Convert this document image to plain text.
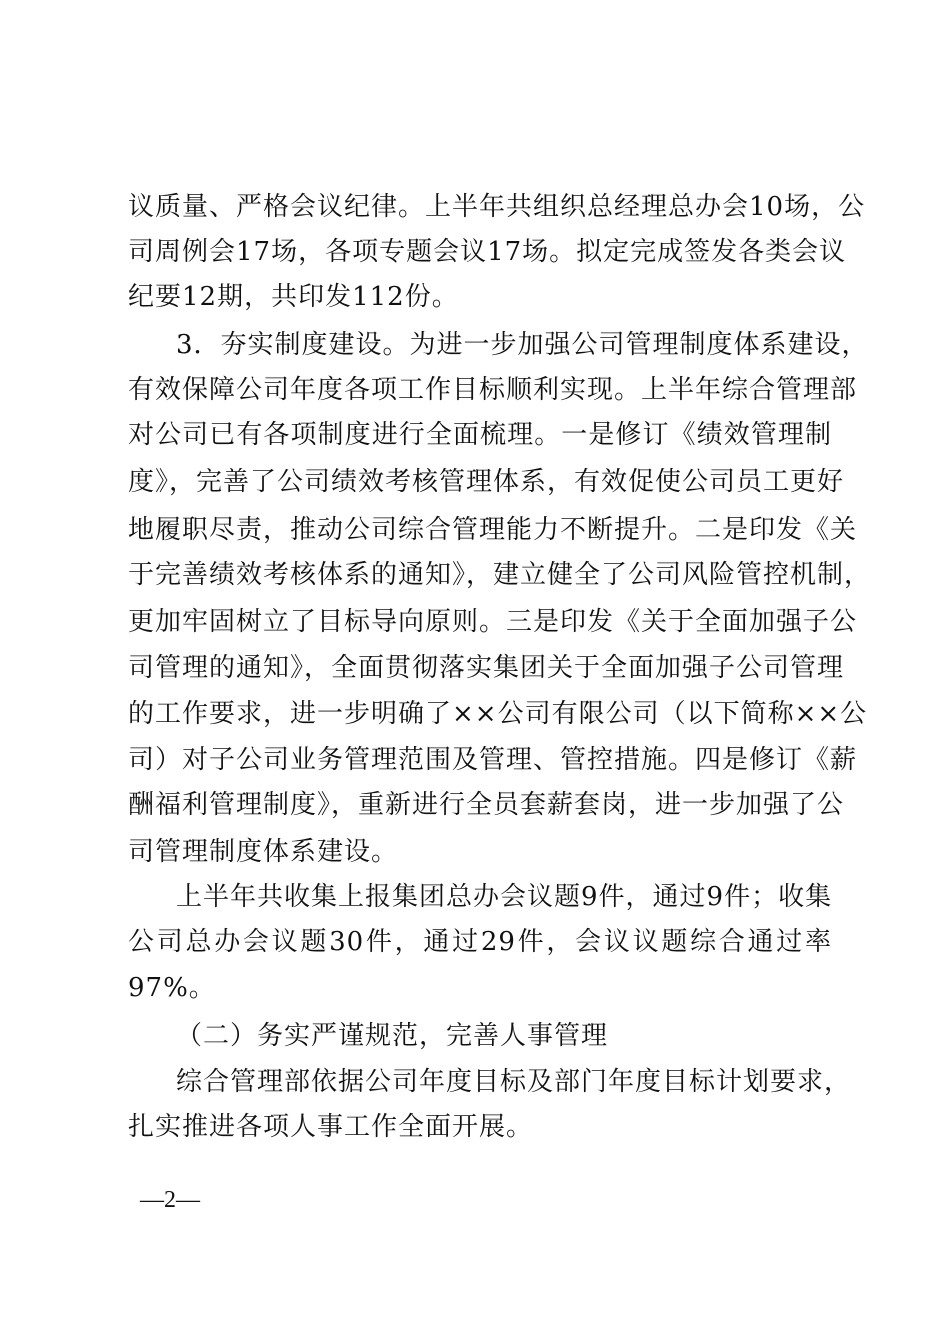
议质量、严格会议纪律。上半年共组织总经理总办会10场，公
司周例会17场，各项专题会议17场。拟定完成签发各类会议
纪要12期，共印发112份。
3．夯实制度建设。为进一步加强公司管理制度体系建设，
有效保障公司年度各项工作目标顺利实现。上半年综合管理部
对公司已有各项制度进行全面梳理。一是修订《绩效管理制
度》，完善了公司绩效考核管理体系，有效促使公司员工更好
地履职尽责，推动公司综合管理能力不断提升。二是印发《关
于完善绩效考核体系的通知》，建立健全了公司风险管控机制，
更加牢固树立了目标导向原则。三是印发《关于全面加强子公
司管理的通知》，全面贯彻落实集团关于全面加强子公司管理
的工作要求，进一步明确了××公司有限公司（以下简称××公
司）对子公司业务管理范围及管理、管控措施。四是修订《薪
酬福利管理制度》，重新进行全员套薪套岗，进一步加强了公
司管理制度体系建设。
上半年共收集上报集团总办会议题9件，通过9件；收集
公司总办会议题30件，通过29件，会议议题综合通过率
97%。
（二）务实严谨规范，完善人事管理
综合管理部依据公司年度目标及部门年度目标计划要求，
扎实推进各项人事工作全面开展。
—2—
